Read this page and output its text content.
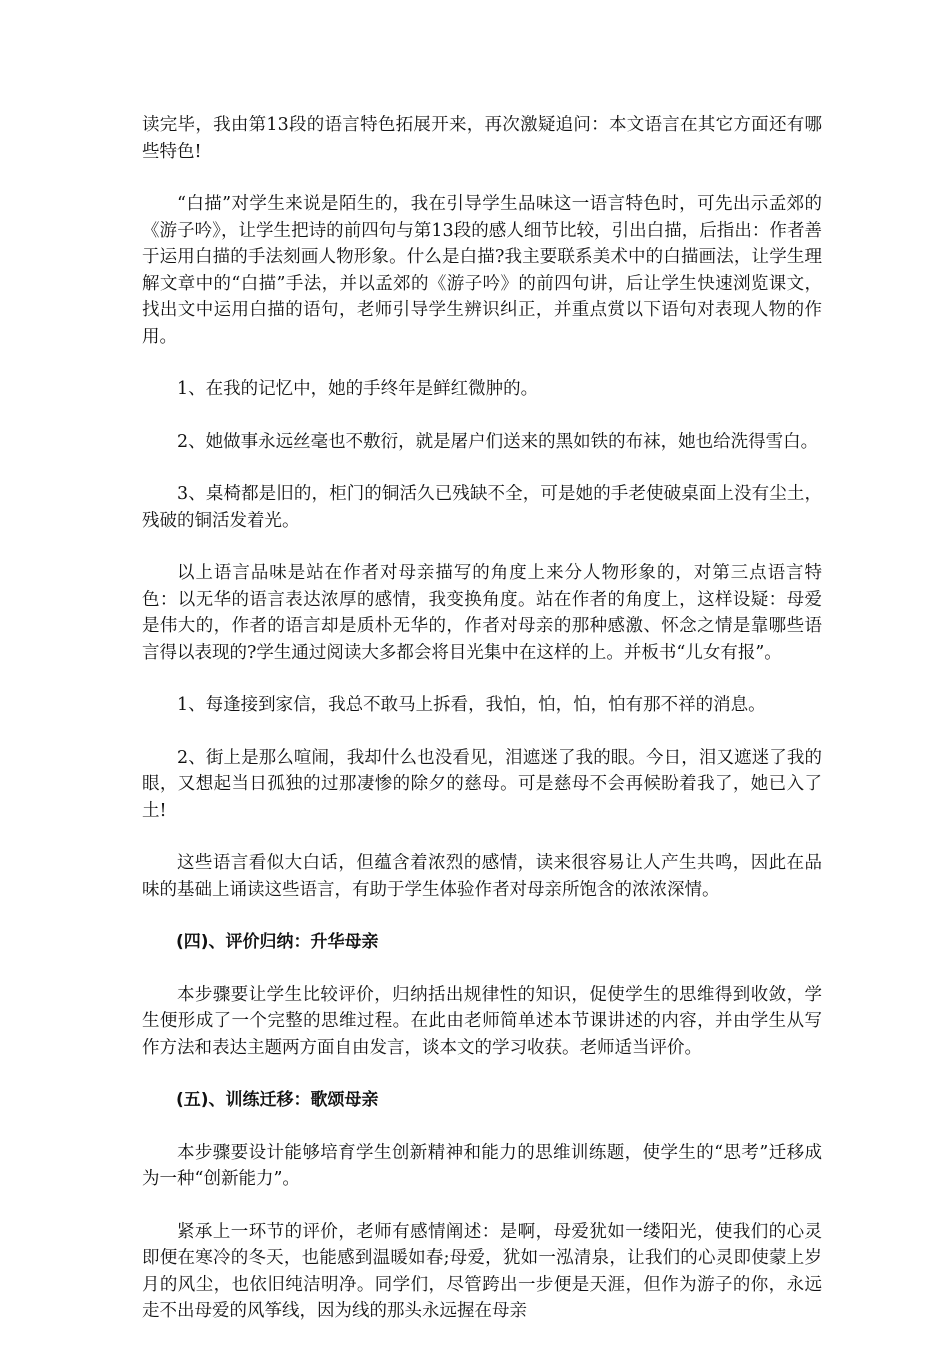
读完毕，我由第13段的语言特色拓展开来，再次激疑追问：本文语言在其它方面还有哪些特色!

“白描”对学生来说是陌生的，我在引导学生品味这一语言特色时，可先出示孟郊的《游子吟》，让学生把诗的前四句与第13段的感人细节比较，引出白描，后指出：作者善于运用白描的手法刻画人物形象。什么是白描?我主要联系美术中的白描画法，让学生理解文章中的“白描”手法，并以孟郊的《游子吟》的前四句讲，后让学生快速浏览课文，找出文中运用白描的语句，老师引导学生辨识纠正，并重点赏以下语句对表现人物的作用。

1、在我的记忆中，她的手终年是鲜红微肿的。

2、她做事永远丝毫也不敷衍，就是屠户们送来的黑如铁的布袜，她也给洗得雪白。

3、桌椅都是旧的，柜门的铜活久已残缺不全，可是她的手老使破桌面上没有尘土，残破的铜活发着光。

以上语言品味是站在作者对母亲描写的角度上来分人物形象的，对第三点语言特色：以无华的语言表达浓厚的感情，我变换角度。站在作者的角度上，这样设疑：母爱是伟大的，作者的语言却是质朴无华的，作者对母亲的那种感激、怀念之情是靠哪些语言得以表现的?学生通过阅读大多都会将目光集中在这样的上。并板书“儿女有报”。

1、每逢接到家信，我总不敢马上拆看，我怕，怕，怕，怕有那不祥的消息。

2、街上是那么喧闹，我却什么也没看见，泪遮迷了我的眼。今日，泪又遮迷了我的眼，又想起当日孤独的过那凄惨的除夕的慈母。可是慈母不会再候盼着我了，她已入了土!

这些语言看似大白话，但蕴含着浓烈的感情，读来很容易让人产生共鸣，因此在品味的基础上诵读这些语言，有助于学生体验作者对母亲所饱含的浓浓深情。

(四)、评价归纳：升华母亲

本步骤要让学生比较评价，归纳括出规律性的知识，促使学生的思维得到收敛，学生便形成了一个完整的思维过程。在此由老师简单述本节课讲述的内容，并由学生从写作方法和表达主题两方面自由发言，谈本文的学习收获。老师适当评价。

(五)、训练迁移：歌颂母亲

本步骤要设计能够培育学生创新精神和能力的思维训练题，使学生的“思考”迁移成为一种“创新能力”。

紧承上一环节的评价，老师有感情阐述：是啊，母爱犹如一缕阳光，使我们的心灵即便在寒冷的冬天，也能感到温暖如春;母爱，犹如一泓清泉，让我们的心灵即使蒙上岁月的风尘，也依旧纯洁明净。同学们，尽管跨出一步便是天涯，但作为游子的你，永远走不出母爱的风筝线，因为线的那头永远握在母亲
